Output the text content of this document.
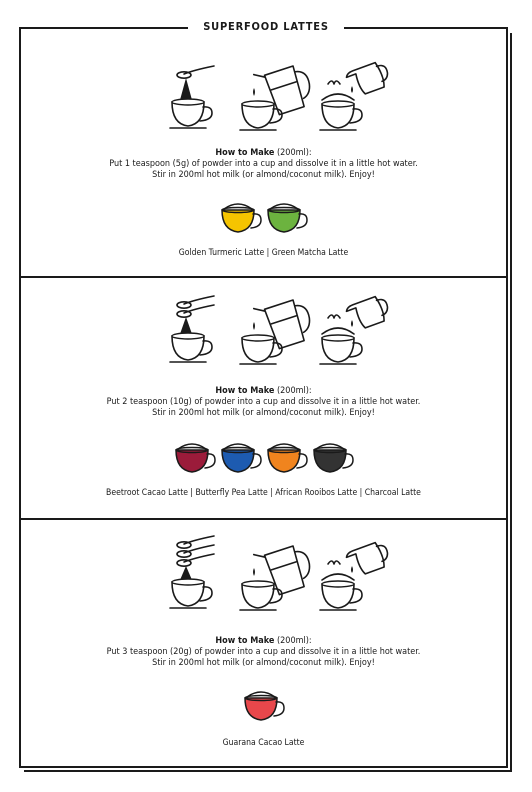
SUPERFOOD LATTES
How to Make (200ml):
Put 1 teaspoon (5g) of powder into a cup and dissolve it in a little hot water.
Stir in 200ml hot milk (or almond/coconut milk). Enjoy!
Golden Turmeric Latte | Green Matcha Latte
How to Make (200ml):
Put 2 teaspoon (10g) of powder into a cup and dissolve it in a little hot water.
Stir in 200ml hot milk (or almond/coconut milk). Enjoy!
Beetroot Cacao Latte | Butterfly Pea Latte | African Rooibos Latte | Charcoal Latte
How to Make (200ml):
Put 3 teaspoon (20g) of powder into a cup and dissolve it in a little hot water.
Stir in 200ml hot milk (or almond/coconut milk). Enjoy!
Guarana Cacao Latte
